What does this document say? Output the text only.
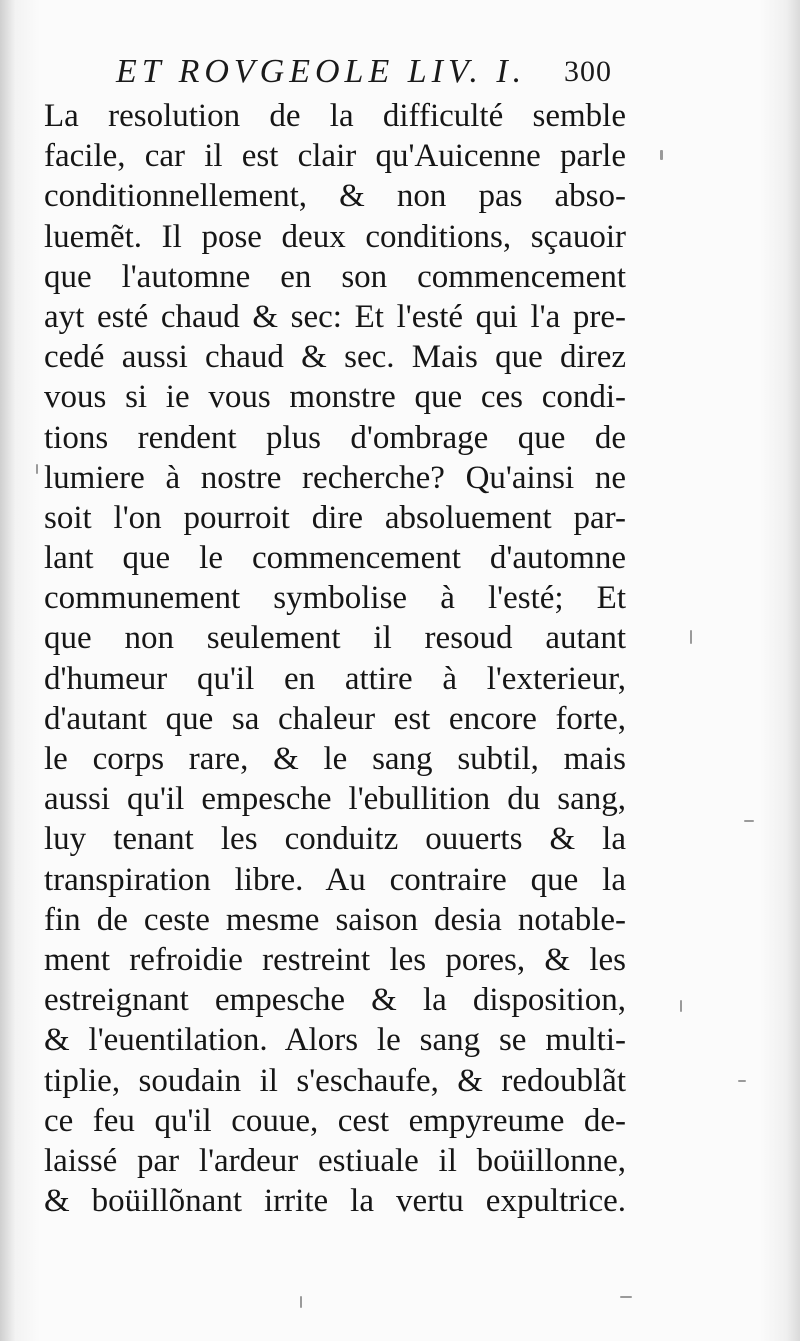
ET ROVGEOLE LIV. I. 300
La resolution de la difficulté semble
facile, car il est clair qu'Auicenne parle
conditionnellement, & non pas abso-
luemẽt. Il pose deux conditions, sçauoir
que l'automne en son commencement
ayt esté chaud & sec: Et l'esté qui l'a pre-
cedé aussi chaud & sec. Mais que direz
vous si ie vous monstre que ces condi-
tions rendent plus d'ombrage que de
lumiere à nostre recherche? Qu'ainsi ne
soit l'on pourroit dire absoluement par-
lant que le commencement d'automne
communement symbolise à l'esté; Et
que non seulement il resoud autant
d'humeur qu'il en attire à l'exterieur,
d'autant que sa chaleur est encore forte,
le corps rare, & le sang subtil, mais
aussi qu'il empesche l'ebullition du sang,
luy tenant les conduitz ouuerts & la
transpiration libre. Au contraire que la
fin de ceste mesme saison desia notable-
ment refroidie restreint les pores, & les
estreignant empesche & la disposition,
& l'euentilation. Alors le sang se multi-
tiplie, soudain il s'eschaufe, & redoublãt
ce feu qu'il couue, cest empyreume de-
laissé par l'ardeur estiuale il boüillonne,
& boüillõnant irrite la vertu expultrice.
